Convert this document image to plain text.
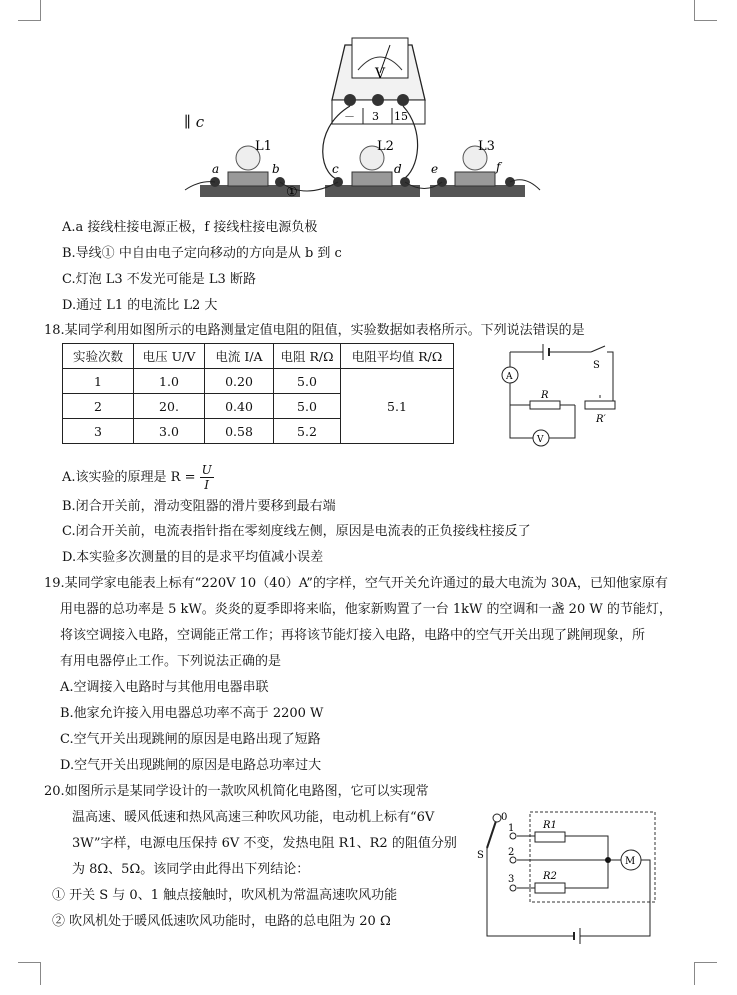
∥ c
V
－ 3 15
L1	L2	L3
a	b	c	d e	f
①
A.a 接线柱接电源正极，f 接线柱接电源负极
B.导线① 中自由电子定向移动的方向是从 b 到 c
C.灯泡 L3 不发光可能是 L3 断路
D.通过 L1 的电流比 L2 大
18.某同学利用如图所示的电路测量定值电阻的阻值，实验数据如表格所示。下列说法错误的是
实验次数	电压 U/V	电流 I/A	电阻 R/Ω	电阻平均值 R/Ω
1	1.0	0.20	5.0	5.1
2	20.	0.40	5.0	
3	3.0	0.58	5.2	
A
S
R
R′
V
A.该实验的原理是 $R = \frac{U}{I}$
B.闭合开关前，滑动变阻器的滑片要移到最右端
C.闭合开关前，电流表指针指在零刻度线左侧，原因是电流表的正负接线柱接反了
D.本实验多次测量的目的是求平均值减小误差
19.某同学家电能表上标有“220V 10（40）A”的字样，空气开关允许通过的最大电流为 30A，已知他家原有
用电器的总功率是 5 kW。炎炎的夏季即将来临，他家新购置了一台 1kW 的空调和一盏 20 W 的节能灯，
将该空调接入电路，空调能正常工作；再将该节能灯接入电路，电路中的空气开关出现了跳闸现象，所
有用电器停止工作。下列说法正确的是
A.空调接入电路时与其他用电器串联
B.他家允许接入用电器总功率不高于 2200 W
C.空气开关出现跳闸的原因是电路出现了短路
D.空气开关出现跳闸的原因是电路总功率过大
20.如图所示是某同学设计的一款吹风机简化电路图，它可以实现常
温高速、暖风低速和热风高速三种吹风功能，电动机上标有“6V
3W”字样，电源电压保持 6V 不变，发热电阻 R1、R2 的阻值分别
为 8Ω、5Ω。该同学由此得出下列结论：
① 开关 S 与 0、1 触点接触时，吹风机为常温高速吹风功能
② 吹风机处于暖风低速吹风功能时，电路的总电阻为 20 Ω
0
1
2
3
S
R1
R2
M
